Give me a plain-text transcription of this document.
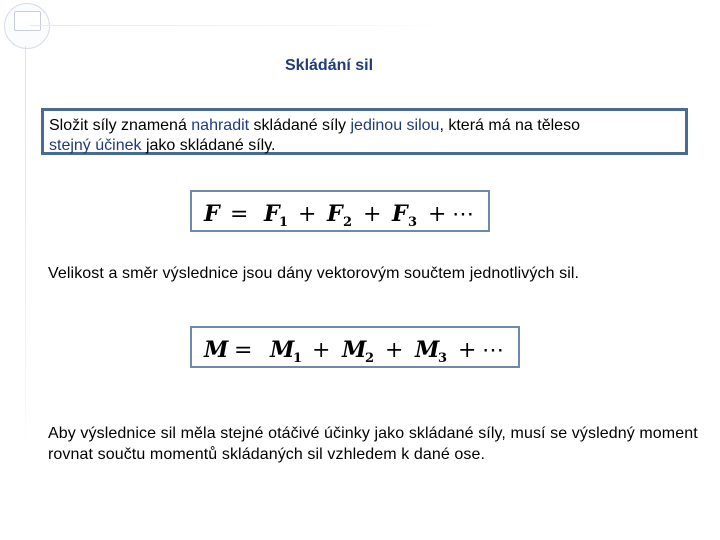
Skládání sil
Složit síly znamená nahradit skládané síly jedinou silou, která má na těleso
stejný účinek jako skládané síly.
F = F 1 + F 2 + F 3 + ⋯
Velikost a směr výslednice jsou dány vektorovým součtem jednotlivých sil.
M = M
1 + M
2 + M
3 + ⋯
Aby výslednice sil měla stejné otáčivé účinky jako skládané síly, musí se výsledný moment rovnat součtu momentů skládaných sil vzhledem k dané ose.
